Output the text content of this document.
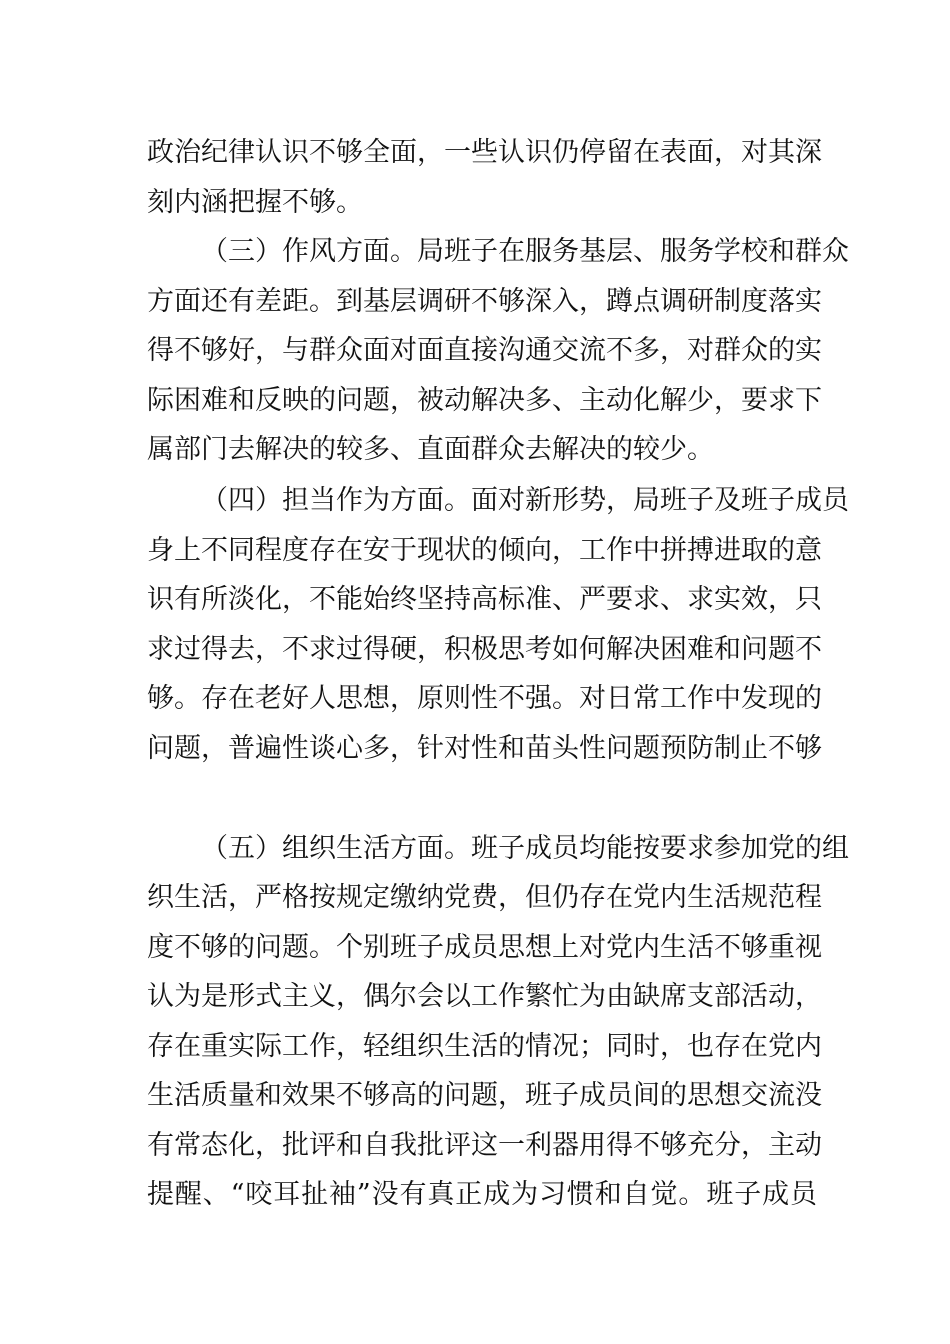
政治纪律认识不够全面，一些认识仍停留在表面，对其深

刻内涵把握不够。

（三）作风方面。局班子在服务基层、服务学校和群众

方面还有差距。到基层调研不够深入，蹲点调研制度落实

得不够好，与群众面对面直接沟通交流不多，对群众的实

际困难和反映的问题，被动解决多、主动化解少，要求下

属部门去解决的较多、直面群众去解决的较少。

（四）担当作为方面。面对新形势，局班子及班子成员

身上不同程度存在安于现状的倾向，工作中拼搏进取的意

识有所淡化，不能始终坚持高标准、严要求、求实效，只

求过得去，不求过得硬，积极思考如何解决困难和问题不

够。存在老好人思想，原则性不强。对日常工作中发现的

问题，普遍性谈心多，针对性和苗头性问题预防制止不够

（五）组织生活方面。班子成员均能按要求参加党的组

织生活，严格按规定缴纳党费，但仍存在党内生活规范程

度不够的问题。个别班子成员思想上对党内生活不够重视

认为是形式主义，偶尔会以工作繁忙为由缺席支部活动，

存在重实际工作，轻组织生活的情况；同时，也存在党内

生活质量和效果不够高的问题，班子成员间的思想交流没

有常态化，批评和自我批评这一利器用得不够充分，主动

提醒、“咬耳扯袖”没有真正成为习惯和自觉。班子成员
